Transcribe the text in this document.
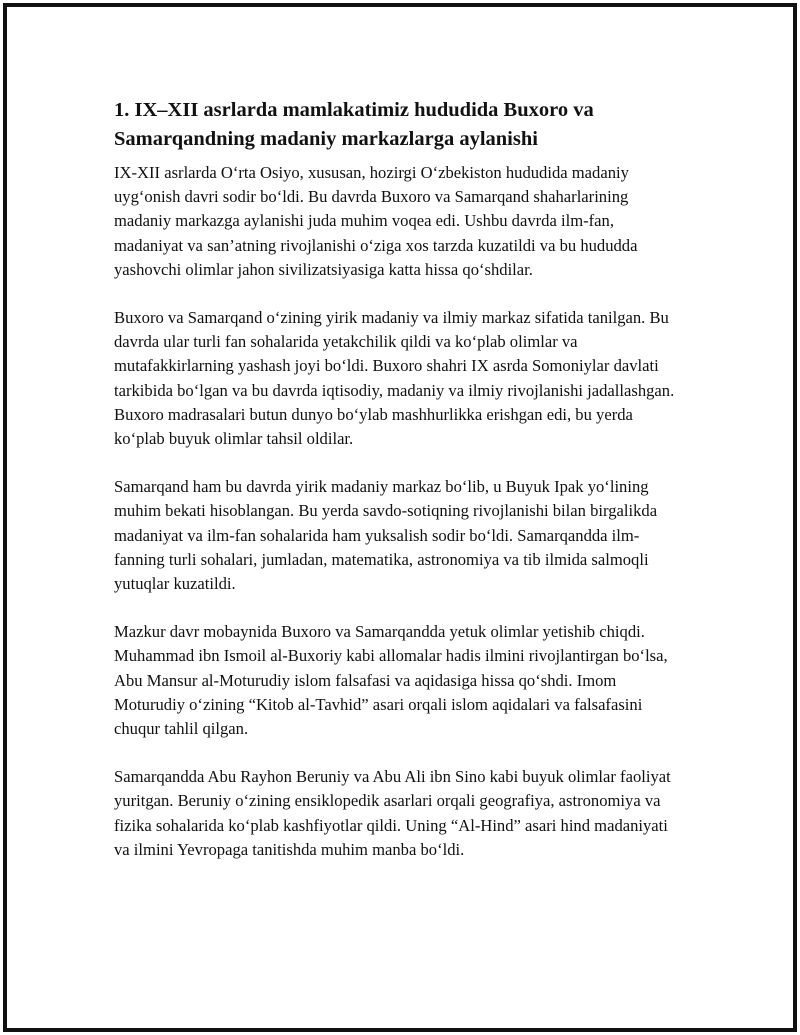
1. IX–XII asrlarda mamlakatimiz hududida Buxoro va Samarqandning madaniy markazlarga aylanishi

IX-XII asrlarda O‘rta Osiyo, xususan, hozirgi O‘zbekiston hududida madaniy uyg‘onish davri sodir bo‘ldi. Bu davrda Buxoro va Samarqand shaharlarining madaniy markazga aylanishi juda muhim voqea edi. Ushbu davrda ilm-fan, madaniyat va san’atning rivojlanishi o‘ziga xos tarzda kuzatildi va bu hududda yashovchi olimlar jahon sivilizatsiyasiga katta hissa qo‘shdilar.

Buxoro va Samarqand o‘zining yirik madaniy va ilmiy markaz sifatida tanilgan. Bu davrda ular turli fan sohalarida yetakchilik qildi va ko‘plab olimlar va mutafakkirlarning yashash joyi bo‘ldi. Buxoro shahri IX asrda Somoniylar davlati tarkibida bo‘lgan va bu davrda iqtisodiy, madaniy va ilmiy rivojlanishi jadallashgan. Buxoro madrasalari butun dunyo bo‘ylab mashhurlikka erishgan edi, bu yerda ko‘plab buyuk olimlar tahsil oldilar.

Samarqand ham bu davrda yirik madaniy markaz bo‘lib, u Buyuk Ipak yo‘lining muhim bekati hisoblangan. Bu yerda savdo-sotiqning rivojlanishi bilan birgalikda madaniyat va ilm-fan sohalarida ham yuksalish sodir bo‘ldi. Samarqandda ilm-fanning turli sohalari, jumladan, matematika, astronomiya va tib ilmida salmoqli yutuqlar kuzatildi.

Mazkur davr mobaynida Buxoro va Samarqandda yetuk olimlar yetishib chiqdi. Muhammad ibn Ismoil al-Buxoriy kabi allomalar hadis ilmini rivojlantirgan bo‘lsa, Abu Mansur al-Moturudiy islom falsafasi va aqidasiga hissa qo‘shdi. Imom Moturudiy o‘zining “Kitob al-Tavhid” asari orqali islom aqidalari va falsafasini chuqur tahlil qilgan.

Samarqandda Abu Rayhon Beruniy va Abu Ali ibn Sino kabi buyuk olimlar faoliyat yuritgan. Beruniy o‘zining ensiklopedik asarlari orqali geografiya, astronomiya va fizika sohalarida ko‘plab kashfiyotlar qildi. Uning “Al-Hind” asari hind madaniyati va ilmini Yevropaga tanitishda muhim manba bo‘ldi.
